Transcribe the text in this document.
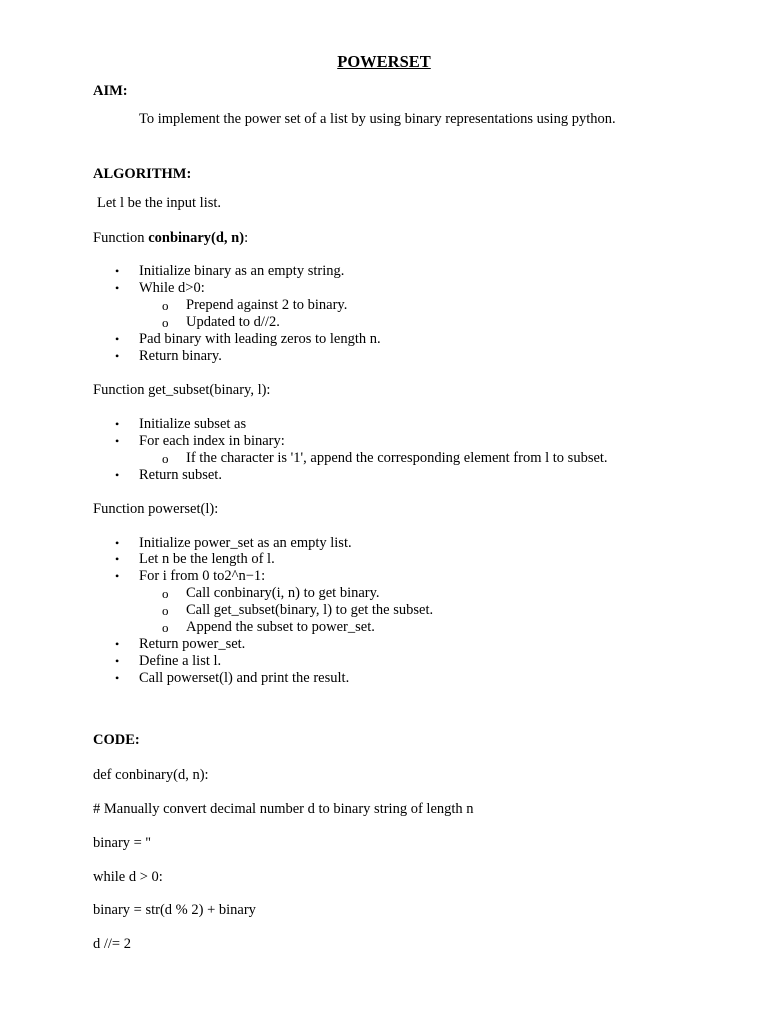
POWERSET
AIM:
To implement the power set of a list by using binary representations using python.
ALGORITHM:
Let l be the input list.
Function conbinary(d, n):
• Initialize binary as an empty string.
• While d>0:
o Prepend against 2 to binary.
o Updated to d//2.
• Pad binary with leading zeros to length n.
• Return binary.
Function get_subset(binary, l):
• Initialize subset as
• For each index in binary:
o If the character is '1', append the corresponding element from l to subset.
• Return subset.
Function powerset(l):
• Initialize power_set as an empty list.
• Let n be the length of l.
• For i from 0 to2^n−1:
o Call conbinary(i, n) to get binary.
o Call get_subset(binary, l) to get the subset.
o Append the subset to power_set.
• Return power_set.
• Define a list l.
• Call powerset(l) and print the result.
CODE:
def conbinary(d, n):
# Manually convert decimal number d to binary string of length n
binary = ''
while d > 0:
binary = str(d % 2) + binary
d //= 2
